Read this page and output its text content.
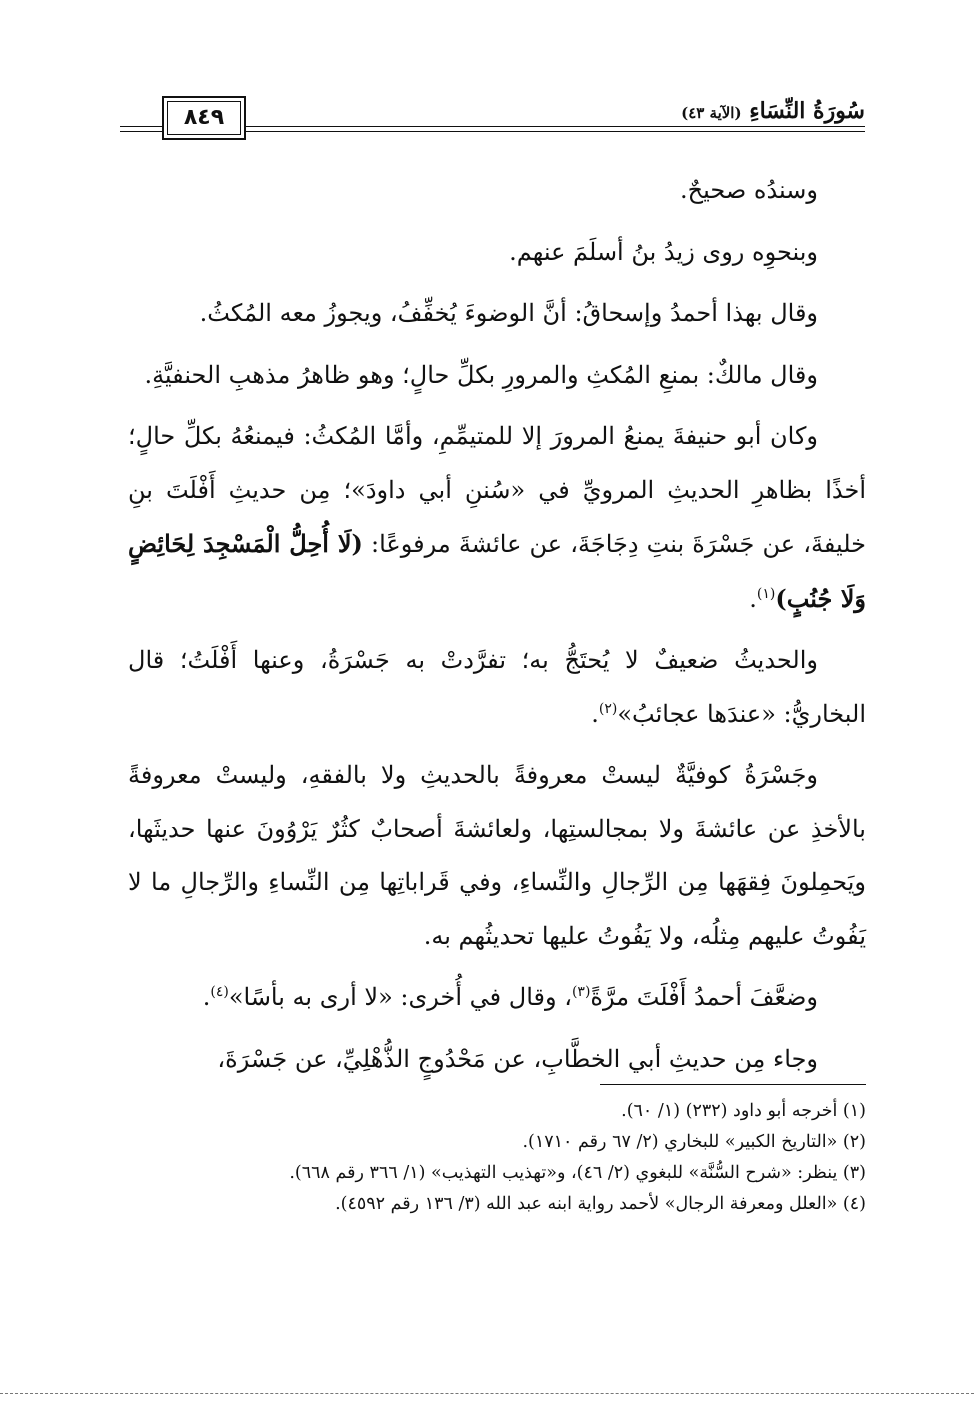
سُورَةُ النِّسَاءِ (الآية ٤٣)
٨٤٩

وسندُه صحيحٌ.

وبنحوِه روى زيدُ بنُ أسلَمَ عنهم.

وقال بهذا أحمدُ وإسحاقُ: أنَّ الوضوءَ يُخفِّفُ، ويجوزُ معه المُكثُ.

وقال مالكٌ: بمنعِ المُكثِ والمرورِ بكلِّ حالٍ؛ وهو ظاهرُ مذهبِ الحنفيَّةِ.

وكان أبو حنيفةَ يمنعُ المرورَ إلا للمتيمِّمِ، وأمَّا المُكثُ: فيمنعُهُ بكلِّ حالٍ؛ أخذًا بظاهرِ الحديثِ المرويِّ في «سُننِ أبي داودَ»؛ مِن حديثِ أَفْلَتَ بنِ خليفةَ، عن جَسْرَةَ بنتِ دِجَاجَةَ، عن عائشةَ مرفوعًا: (لَا أُحِلُّ الْمَسْجِدَ لِحَائِضٍ وَلَا جُنُبٍ)$^{(١)}$.

والحديثُ ضعيفٌ لا يُحتَجُّ به؛ تفرَّدتْ به جَسْرَةُ، وعنها أَفْلَتُ؛ قال البخاريُّ: «عندَها عجائبُ»$^{(٢)}$.

وجَسْرَةُ كوفيَّةٌ ليستْ معروفةً بالحديثِ ولا بالفقهِ، وليستْ معروفةً بالأخذِ عن عائشةَ ولا بمجالستِها، ولعائشةَ أصحابٌ كثُرٌ يَرْوُونَ عنها حديثَها، ويَحمِلونَ فِقهَها مِن الرِّجالِ والنِّساءِ، وفي قَراباتِها مِن النِّساءِ والرِّجالِ ما لا يَفُوتُ عليهم مِثلُه، ولا يَفُوتُ عليها تحديثُهم به.

وضعَّفَ أحمدُ أَفْلَتَ مرَّةً$^{(٣)}$، وقال في أُخرى: «لا أرى به بأسًا»$^{(٤)}$.

وجاء مِن حديثِ أبي الخطَّابِ، عن مَحْدُوجٍ الذُّهْلِيِّ، عن جَسْرَةَ،

(١) أخرجه أبو داود (٢٣٢) (١/ ٦٠).
(٢) «التاريخ الكبير» للبخاري (٢/ ٦٧ رقم ١٧١٠).
(٣) ينظر: «شرح السُّنَّة» للبغوي (٢/ ٤٦)، و«تهذيب التهذيب» (١/ ٣٦٦ رقم ٦٦٨).
(٤) «العلل ومعرفة الرجال» لأحمد رواية ابنه عبد الله (٣/ ١٣٦ رقم ٤٥٩٢).
